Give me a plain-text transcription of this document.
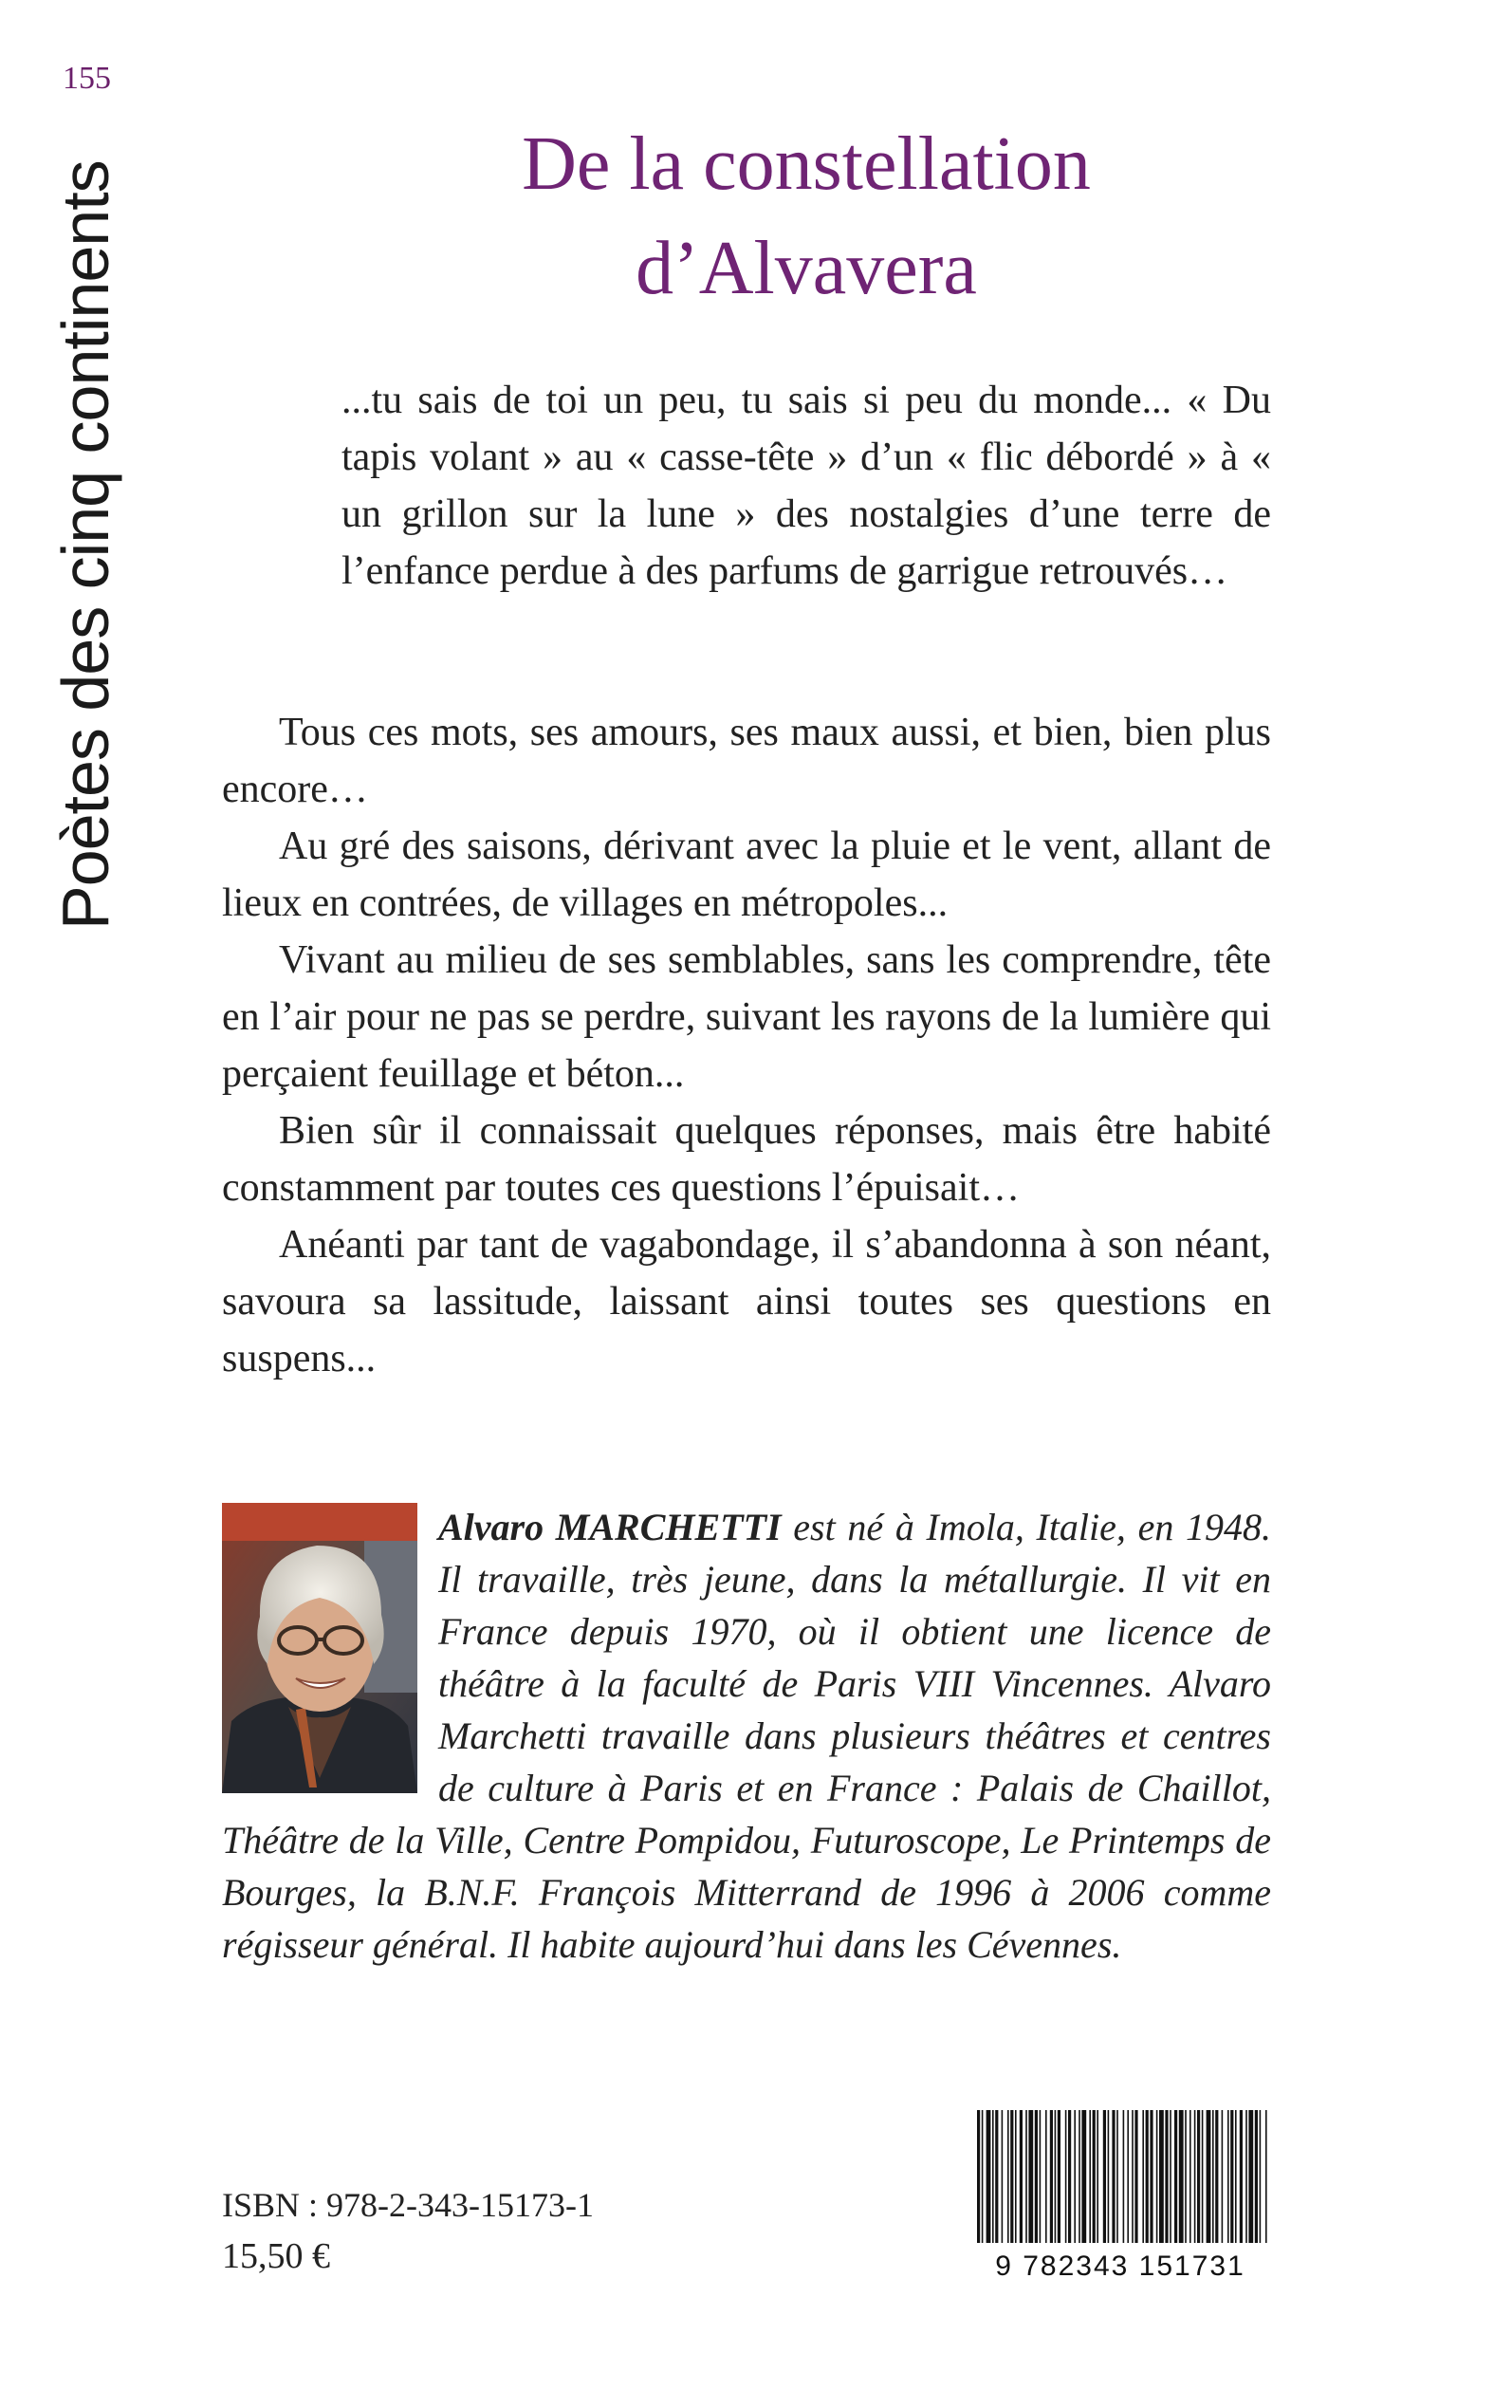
155
Poètes des cinq continents	De la constellation
d’Alvavera

...tu sais de toi un peu, tu sais si peu du monde... « Du tapis volant » au « casse-tête » d’un « flic débordé » à « un grillon sur la lune » des nostalgies d’une terre de l’enfance perdue à des parfums de garrigue retrouvés…

Tous ces mots, ses amours, ses maux aussi, et bien, bien plus encore…

Au gré des saisons, dérivant avec la pluie et le vent, allant de lieux en contrées, de villages en métropoles...

Vivant au milieu de ses semblables, sans les comprendre, tête en l’air pour ne pas se perdre, suivant les rayons de la lumière qui perçaient feuillage et béton...

Bien sûr il connaissait quelques réponses, mais être habité constamment par toutes ces questions l’épuisait…

Anéanti par tant de vagabondage, il s’abandonna à son néant, savoura sa lassitude, laissant ainsi toutes ses questions en suspens...

Alvaro MARCHETTI est né à Imola, Italie, en 1948. Il travaille, très jeune, dans la métallurgie. Il vit en France depuis 1970, où il obtient une licence de théâtre à la faculté de Paris VIII Vincennes. Alvaro Marchetti travaille dans plusieurs théâtres et centres de culture à Paris et en France : Palais de Chaillot, Théâtre de la Ville, Centre Pompidou, Futuroscope, Le Printemps de Bourges, la B.N.F. François Mitterrand de 1996 à 2006 comme régisseur général. Il habite aujourd’hui dans les Cévennes.
ISBN : 978-2-343-15173-1
15,50 €	9 782343 151731
